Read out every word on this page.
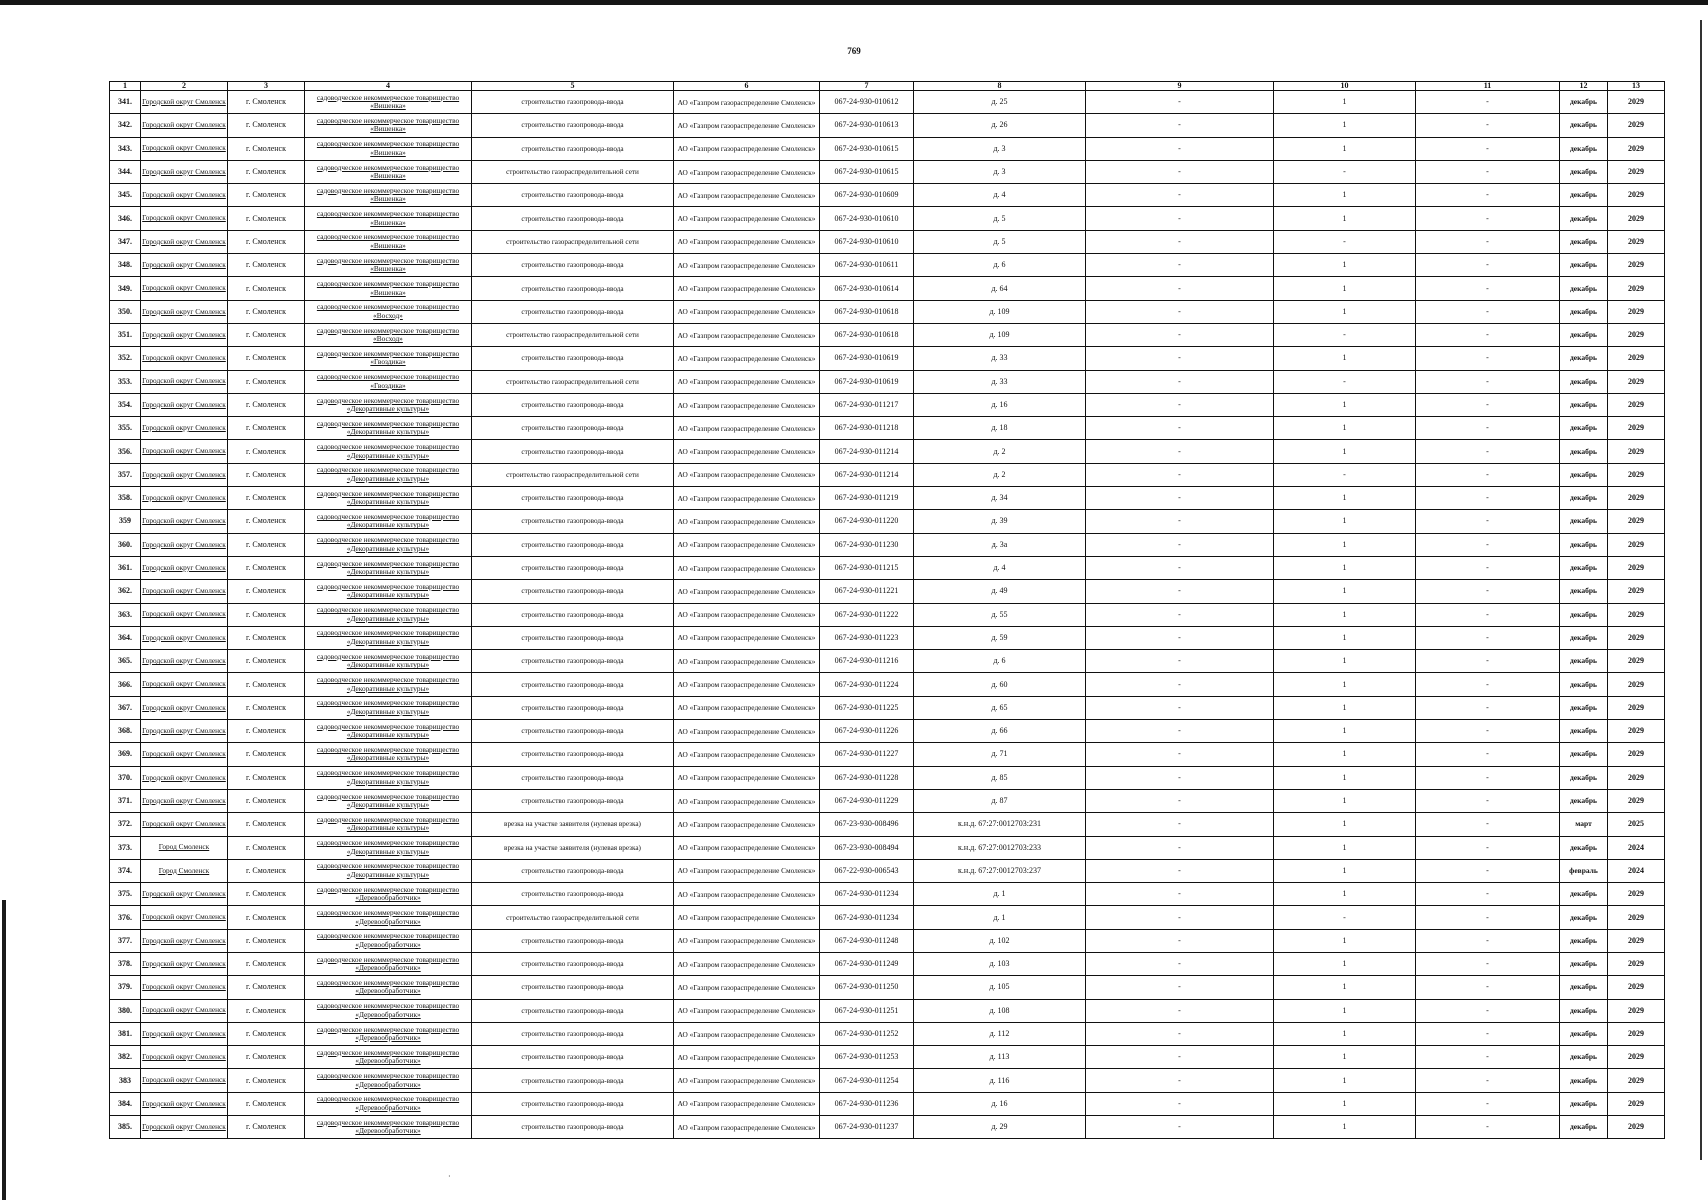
769
1	2	3	4	5	6	7	8	9	10	11	12	13
341.	Городской округ Смоленск	г. Смоленск	садоводческое некоммерческое товарищество «Вишенка»	строительство газопровода-ввода	АО «Газпром газораспределение Смоленск»	067-24-930-010612	д. 25	-	1	-	декабрь	2029
342.	Городской округ Смоленск	г. Смоленск	садоводческое некоммерческое товарищество «Вишенка»	строительство газопровода-ввода	АО «Газпром газораспределение Смоленск»	067-24-930-010613	д. 26	-	1	-	декабрь	2029
343.	Городской округ Смоленск	г. Смоленск	садоводческое некоммерческое товарищество «Вишенка»	строительство газопровода-ввода	АО «Газпром газораспределение Смоленск»	067-24-930-010615	д. 3	-	1	-	декабрь	2029
344.	Городской округ Смоленск	г. Смоленск	садоводческое некоммерческое товарищество «Вишенка»	строительство газораспределительной сети	АО «Газпром газораспределение Смоленск»	067-24-930-010615	д. 3	-	-	-	декабрь	2029
345.	Городской округ Смоленск	г. Смоленск	садоводческое некоммерческое товарищество «Вишенка»	строительство газопровода-ввода	АО «Газпром газораспределение Смоленск»	067-24-930-010609	д. 4	-	1	-	декабрь	2029
346.	Городской округ Смоленск	г. Смоленск	садоводческое некоммерческое товарищество «Вишенка»	строительство газопровода-ввода	АО «Газпром газораспределение Смоленск»	067-24-930-010610	д. 5	-	1	-	декабрь	2029
347.	Городской округ Смоленск	г. Смоленск	садоводческое некоммерческое товарищество «Вишенка»	строительство газораспределительной сети	АО «Газпром газораспределение Смоленск»	067-24-930-010610	д. 5	-	-	-	декабрь	2029
348.	Городской округ Смоленск	г. Смоленск	садоводческое некоммерческое товарищество «Вишенка»	строительство газопровода-ввода	АО «Газпром газораспределение Смоленск»	067-24-930-010611	д. 6	-	1	-	декабрь	2029
349.	Городской округ Смоленск	г. Смоленск	садоводческое некоммерческое товарищество «Вишенка»	строительство газопровода-ввода	АО «Газпром газораспределение Смоленск»	067-24-930-010614	д. 64	-	1	-	декабрь	2029
350.	Городской округ Смоленск	г. Смоленск	садоводческое некоммерческое товарищество «Восход»	строительство газопровода-ввода	АО «Газпром газораспределение Смоленск»	067-24-930-010618	д. 109	-	1	-	декабрь	2029
351.	Городской округ Смоленск	г. Смоленск	садоводческое некоммерческое товарищество «Восход»	строительство газораспределительной сети	АО «Газпром газораспределение Смоленск»	067-24-930-010618	д. 109	-	-	-	декабрь	2029
352.	Городской округ Смоленск	г. Смоленск	садоводческое некоммерческое товарищество «Гвоздика»	строительство газопровода-ввода	АО «Газпром газораспределение Смоленск»	067-24-930-010619	д. 33	-	1	-	декабрь	2029
353.	Городской округ Смоленск	г. Смоленск	садоводческое некоммерческое товарищество «Гвоздика»	строительство газораспределительной сети	АО «Газпром газораспределение Смоленск»	067-24-930-010619	д. 33	-	-	-	декабрь	2029
354.	Городской округ Смоленск	г. Смоленск	садоводческое некоммерческое товарищество «Декоративные культуры»	строительство газопровода-ввода	АО «Газпром газораспределение Смоленск»	067-24-930-011217	д. 16	-	1	-	декабрь	2029
355.	Городской округ Смоленск	г. Смоленск	садоводческое некоммерческое товарищество «Декоративные культуры»	строительство газопровода-ввода	АО «Газпром газораспределение Смоленск»	067-24-930-011218	д. 18	-	1	-	декабрь	2029
356.	Городской округ Смоленск	г. Смоленск	садоводческое некоммерческое товарищество «Декоративные культуры»	строительство газопровода-ввода	АО «Газпром газораспределение Смоленск»	067-24-930-011214	д. 2	-	1	-	декабрь	2029
357.	Городской округ Смоленск	г. Смоленск	садоводческое некоммерческое товарищество «Декоративные культуры»	строительство газораспределительной сети	АО «Газпром газораспределение Смоленск»	067-24-930-011214	д. 2	-	-	-	декабрь	2029
358.	Городской округ Смоленск	г. Смоленск	садоводческое некоммерческое товарищество «Декоративные культуры»	строительство газопровода-ввода	АО «Газпром газораспределение Смоленск»	067-24-930-011219	д. 34	-	1	-	декабрь	2029
359	Городской округ Смоленск	г. Смоленск	садоводческое некоммерческое товарищество «Декоративные культуры»	строительство газопровода-ввода	АО «Газпром газораспределение Смоленск»	067-24-930-011220	д. 39	-	1	-	декабрь	2029
360.	Городской округ Смоленск	г. Смоленск	садоводческое некоммерческое товарищество «Декоративные культуры»	строительство газопровода-ввода	АО «Газпром газораспределение Смоленск»	067-24-930-011230	д. 3а	-	1	-	декабрь	2029
361.	Городской округ Смоленск	г. Смоленск	садоводческое некоммерческое товарищество «Декоративные культуры»	строительство газопровода-ввода	АО «Газпром газораспределение Смоленск»	067-24-930-011215	д. 4	-	1	-	декабрь	2029
362.	Городской округ Смоленск	г. Смоленск	садоводческое некоммерческое товарищество «Декоративные культуры»	строительство газопровода-ввода	АО «Газпром газораспределение Смоленск»	067-24-930-011221	д. 49	-	1	-	декабрь	2029
363.	Городской округ Смоленск	г. Смоленск	садоводческое некоммерческое товарищество «Декоративные культуры»	строительство газопровода-ввода	АО «Газпром газораспределение Смоленск»	067-24-930-011222	д. 55	-	1	-	декабрь	2029
364.	Городской округ Смоленск	г. Смоленск	садоводческое некоммерческое товарищество «Декоративные культуры»	строительство газопровода-ввода	АО «Газпром газораспределение Смоленск»	067-24-930-011223	д. 59	-	1	-	декабрь	2029
365.	Городской округ Смоленск	г. Смоленск	садоводческое некоммерческое товарищество «Декоративные культуры»	строительство газопровода-ввода	АО «Газпром газораспределение Смоленск»	067-24-930-011216	д. 6	-	1	-	декабрь	2029
366.	Городской округ Смоленск	г. Смоленск	садоводческое некоммерческое товарищество «Декоративные культуры»	строительство газопровода-ввода	АО «Газпром газораспределение Смоленск»	067-24-930-011224	д. 60	-	1	-	декабрь	2029
367.	Городской округ Смоленск	г. Смоленск	садоводческое некоммерческое товарищество «Декоративные культуры»	строительство газопровода-ввода	АО «Газпром газораспределение Смоленск»	067-24-930-011225	д. 65	-	1	-	декабрь	2029
368.	Городской округ Смоленск	г. Смоленск	садоводческое некоммерческое товарищество «Декоративные культуры»	строительство газопровода-ввода	АО «Газпром газораспределение Смоленск»	067-24-930-011226	д. 66	-	1	-	декабрь	2029
369.	Городской округ Смоленск	г. Смоленск	садоводческое некоммерческое товарищество «Декоративные культуры»	строительство газопровода-ввода	АО «Газпром газораспределение Смоленск»	067-24-930-011227	д. 71	-	1	-	декабрь	2029
370.	Городской округ Смоленск	г. Смоленск	садоводческое некоммерческое товарищество «Декоративные культуры»	строительство газопровода-ввода	АО «Газпром газораспределение Смоленск»	067-24-930-011228	д. 85	-	1	-	декабрь	2029
371.	Городской округ Смоленск	г. Смоленск	садоводческое некоммерческое товарищество «Декоративные культуры»	строительство газопровода-ввода	АО «Газпром газораспределение Смоленск»	067-24-930-011229	д. 87	-	1	-	декабрь	2029
372.	Городской округ Смоленск	г. Смоленск	садоводческое некоммерческое товарищество «Декоративные культуры»	врезка на участке заявителя (нулевая врезка)	АО «Газпром газораспределение Смоленск»	067-23-930-008496	к.н.д. 67:27:0012703:231	-	1	-	март	2025
373.	Город Смоленск	г. Смоленск	садоводческое некоммерческое товарищество «Декоративные культуры»	врезка на участке заявителя (нулевая врезка)	АО «Газпром газораспределение Смоленск»	067-23-930-008494	к.н.д. 67:27:0012703:233	-	1	-	декабрь	2024
374.	Город Смоленск	г. Смоленск	садоводческое некоммерческое товарищество «Декоративные культуры»	строительство газопровода-ввода	АО «Газпром газораспределение Смоленск»	067-22-930-006543	к.н.д. 67:27:0012703:237	-	1	-	февраль	2024
375.	Городской округ Смоленск	г. Смоленск	садоводческое некоммерческое товарищество «Деревообработчик»	строительство газопровода-ввода	АО «Газпром газораспределение Смоленск»	067-24-930-011234	д. 1	-	1	-	декабрь	2029
376.	Городской округ Смоленск	г. Смоленск	садоводческое некоммерческое товарищество «Деревообработчик»	строительство газораспределительной сети	АО «Газпром газораспределение Смоленск»	067-24-930-011234	д. 1	-	-	-	декабрь	2029
377.	Городской округ Смоленск	г. Смоленск	садоводческое некоммерческое товарищество «Деревообработчик»	строительство газопровода-ввода	АО «Газпром газораспределение Смоленск»	067-24-930-011248	д. 102	-	1	-	декабрь	2029
378.	Городской округ Смоленск	г. Смоленск	садоводческое некоммерческое товарищество «Деревообработчик»	строительство газопровода-ввода	АО «Газпром газораспределение Смоленск»	067-24-930-011249	д. 103	-	1	-	декабрь	2029
379.	Городской округ Смоленск	г. Смоленск	садоводческое некоммерческое товарищество «Деревообработчик»	строительство газопровода-ввода	АО «Газпром газораспределение Смоленск»	067-24-930-011250	д. 105	-	1	-	декабрь	2029
380.	Городской округ Смоленск	г. Смоленск	садоводческое некоммерческое товарищество «Деревообработчик»	строительство газопровода-ввода	АО «Газпром газораспределение Смоленск»	067-24-930-011251	д. 108	-	1	-	декабрь	2029
381.	Городской округ Смоленск	г. Смоленск	садоводческое некоммерческое товарищество «Деревообработчик»	строительство газопровода-ввода	АО «Газпром газораспределение Смоленск»	067-24-930-011252	д. 112	-	1	-	декабрь	2029
382.	Городской округ Смоленск	г. Смоленск	садоводческое некоммерческое товарищество «Деревообработчик»	строительство газопровода-ввода	АО «Газпром газораспределение Смоленск»	067-24-930-011253	д. 113	-	1	-	декабрь	2029
383	Городской округ Смоленск	г. Смоленск	садоводческое некоммерческое товарищество «Деревообработчик»	строительство газопровода-ввода	АО «Газпром газораспределение Смоленск»	067-24-930-011254	д. 116	-	1	-	декабрь	2029
384.	Городской округ Смоленск	г. Смоленск	садоводческое некоммерческое товарищество «Деревообработчик»	строительство газопровода-ввода	АО «Газпром газораспределение Смоленск»	067-24-930-011236	д. 16	-	1	-	декабрь	2029
385.	Городской округ Смоленск	г. Смоленск	садоводческое некоммерческое товарищество «Деревообработчик»	строительство газопровода-ввода	АО «Газпром газораспределение Смоленск»	067-24-930-011237	д. 29	-	1	-	декабрь	2029
·
